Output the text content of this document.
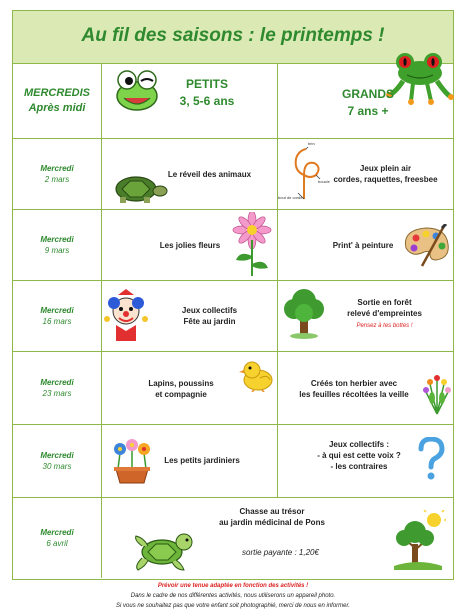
Au fil des saisons : le printemps !
MERCREDIS
Après midi
PETITS
3, 5-6 ans	GRANDS
7 ans +
Mercredi
2 mars
Le réveil des animaux
brin
boucle
bout de corde
Jeux plein air
cordes, raquettes, freesbee
Mercredi
9 mars
Les jolies fleurs	Print' à peinture
Mercredi
16 mars
Jeux collectifs
Fête au jardin
Sortie en forêt
relevé d'empreintes
Pensez à tes bottes !
Mercredi
23 mars
Lapins, poussins
et compagnie
Créés ton herbier avec
les feuilles récoltées la veille
Mercredi
30 mars
Les petits jardiniers
Jeux collectifs :
- à qui est cette voix ?
- les contraires
Mercredi
6 avril
Chasse au trésor
au jardin médicinal de Pons
sortie payante : 1,20€
Prévoir une tenue adaptée en fonction des activités !
Dans le cadre de nos différentes activités, nous utiliserons un appareil photo.
Si vous ne souhaitez pas que votre enfant soit photographié, merci de nous en informer.
